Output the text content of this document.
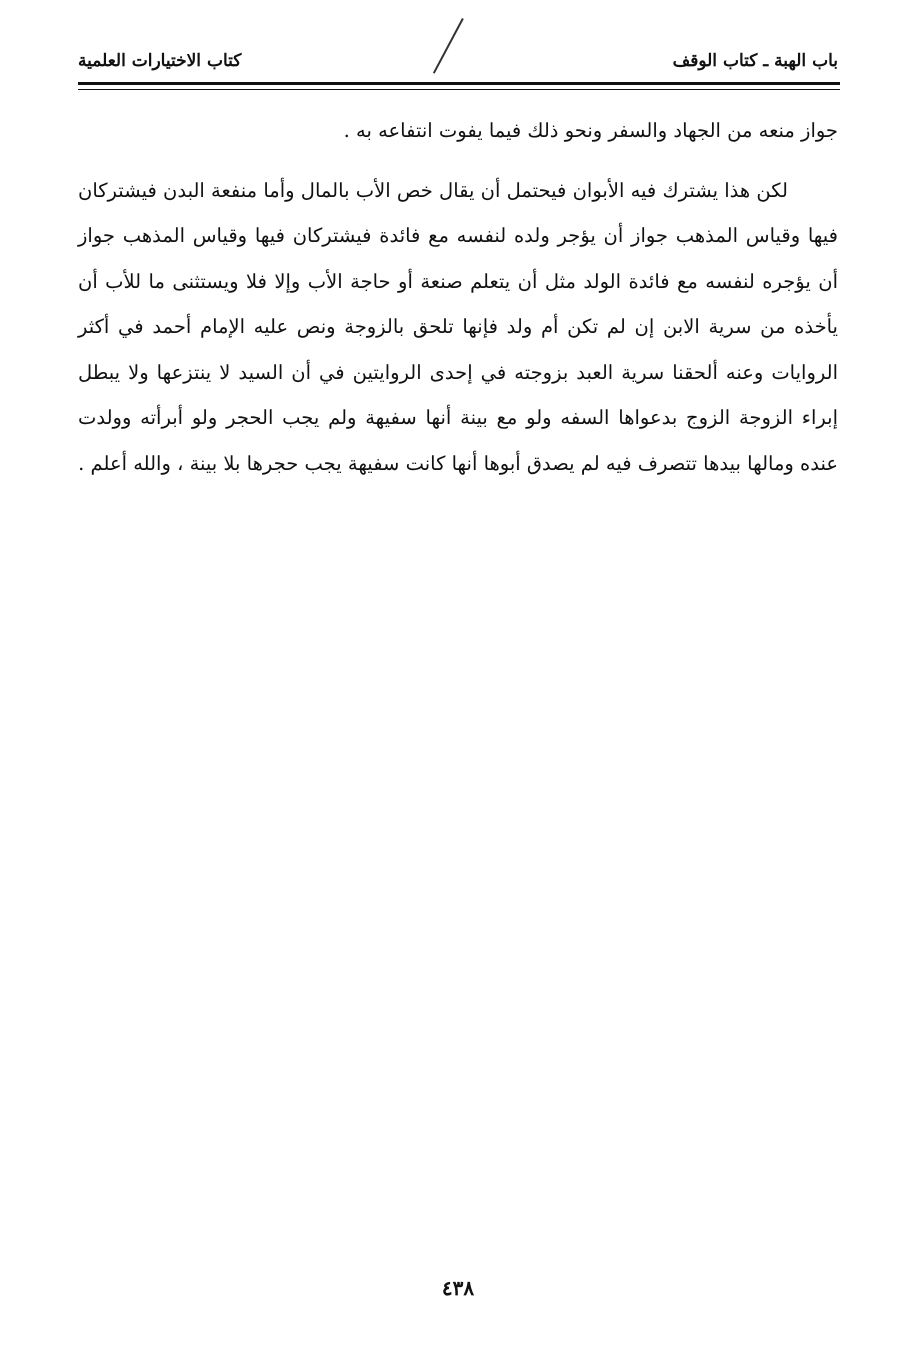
باب الهبة ـ كتاب الوقف
كتاب الاختيارات العلمية

جواز منعه من الجهاد والسفر ونحو ذلك فيما يفوت انتفاعه به .

لكن هذا يشترك فيه الأبوان فيحتمل أن يقال خص الأب بالمال وأما منفعة البدن فيشتركان فيها وقياس المذهب جواز أن يؤجر ولده لنفسه مع فائدة فيشتركان فيها وقياس المذهب جواز أن يؤجره لنفسه مع فائدة الولد مثل أن يتعلم صنعة أو حاجة الأب وإلا فلا ويستثنى ما للأب أن يأخذه من سرية الابن إن لم تكن أم ولد فإنها تلحق بالزوجة ونص عليه الإمام أحمد في أكثر الروايات وعنه ألحقنا سرية العبد بزوجته في إحدى الروايتين في أن السيد لا ينتزعها ولا يبطل إبراء الزوجة الزوج بدعواها السفه ولو مع بينة أنها سفيهة ولم يجب الحجر ولو أبرأته وولدت عنده ومالها بيدها تتصرف فيه لم يصدق أبوها أنها كانت سفيهة يجب حجرها بلا بينة ، والله أعلم .

٤٣٨
